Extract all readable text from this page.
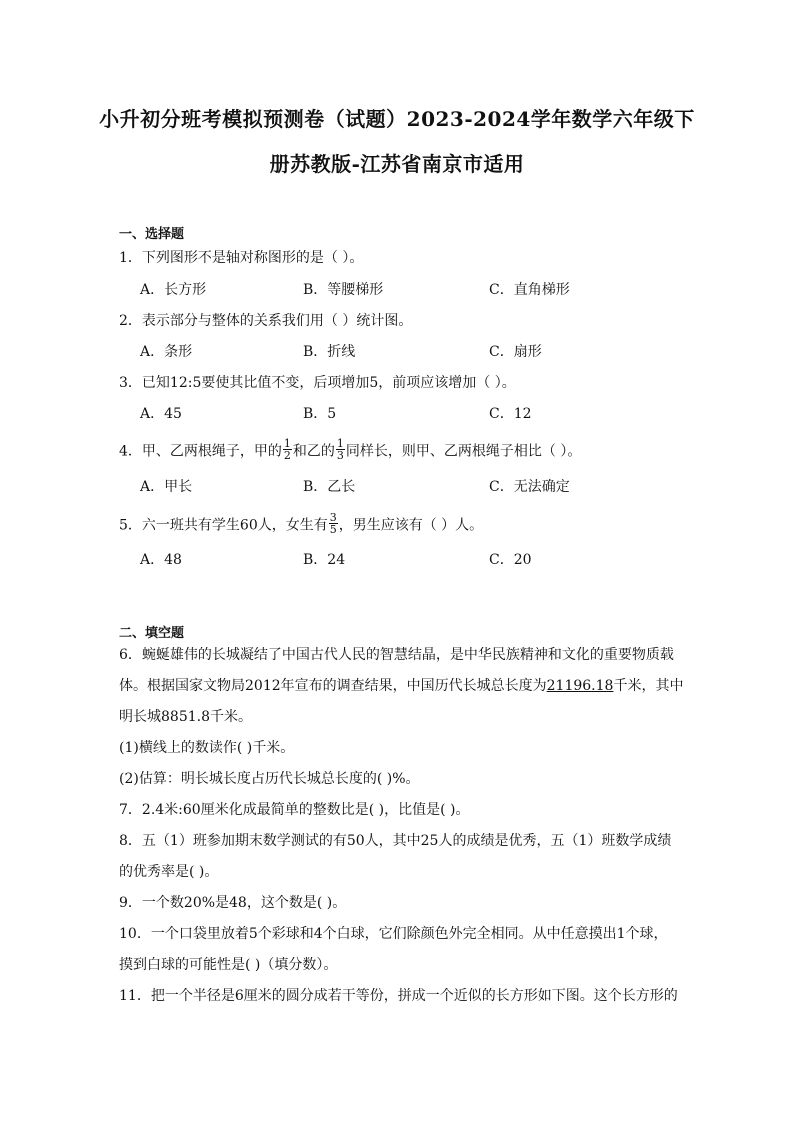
小升初分班考模拟预测卷（试题）2023-2024学年数学六年级下
册苏教版-江苏省南京市适用
一、选择题
1．下列图形不是轴对称图形的是（ ）。
A．长方形	B．等腰梯形	C．直角梯形
2．表示部分与整体的关系我们用（ ）统计图。
A．条形	B．折线	C．扇形
3．已知12:5要使其比值不变，后项增加5，前项应该增加（ ）。
A．45	B．5	C．12
4．甲、乙两根绳子，甲的 $\frac{1}{2}$ 和乙的 $\frac{1}{3}$ 同样长，则甲、乙两根绳子相比（ ）。
A．甲长	B．乙长	C．无法确定
5．六一班共有学生60人，女生有 $\frac{3}{5}$ ，男生应该有（ ）人。
A．48	B．24	C．20
二、填空题
6．蜿蜒雄伟的长城凝结了中国古代人民的智慧结晶，是中华民族精神和文化的重要物质载
体。根据国家文物局2012年宣布的调查结果，中国历代长城总长度为21196.18千米，其中
明长城8851.8千米。
(1)横线上的数读作( )千米。
(2)估算：明长城长度占历代长城总长度的( )%。
7．2.4米:60厘米化成最简单的整数比是( )，比值是( )。
8．五（1）班参加期末数学测试的有50人，其中25人的成绩是优秀，五（1）班数学成绩
的优秀率是( )。
9．一个数20%是48，这个数是( )。
10．一个口袋里放着5个彩球和4个白球，它们除颜色外完全相同。从中任意摸出1个球，
摸到白球的可能性是( )（填分数）。
11．把一个半径是6厘米的圆分成若干等份，拼成一个近似的长方形如下图。这个长方形的
